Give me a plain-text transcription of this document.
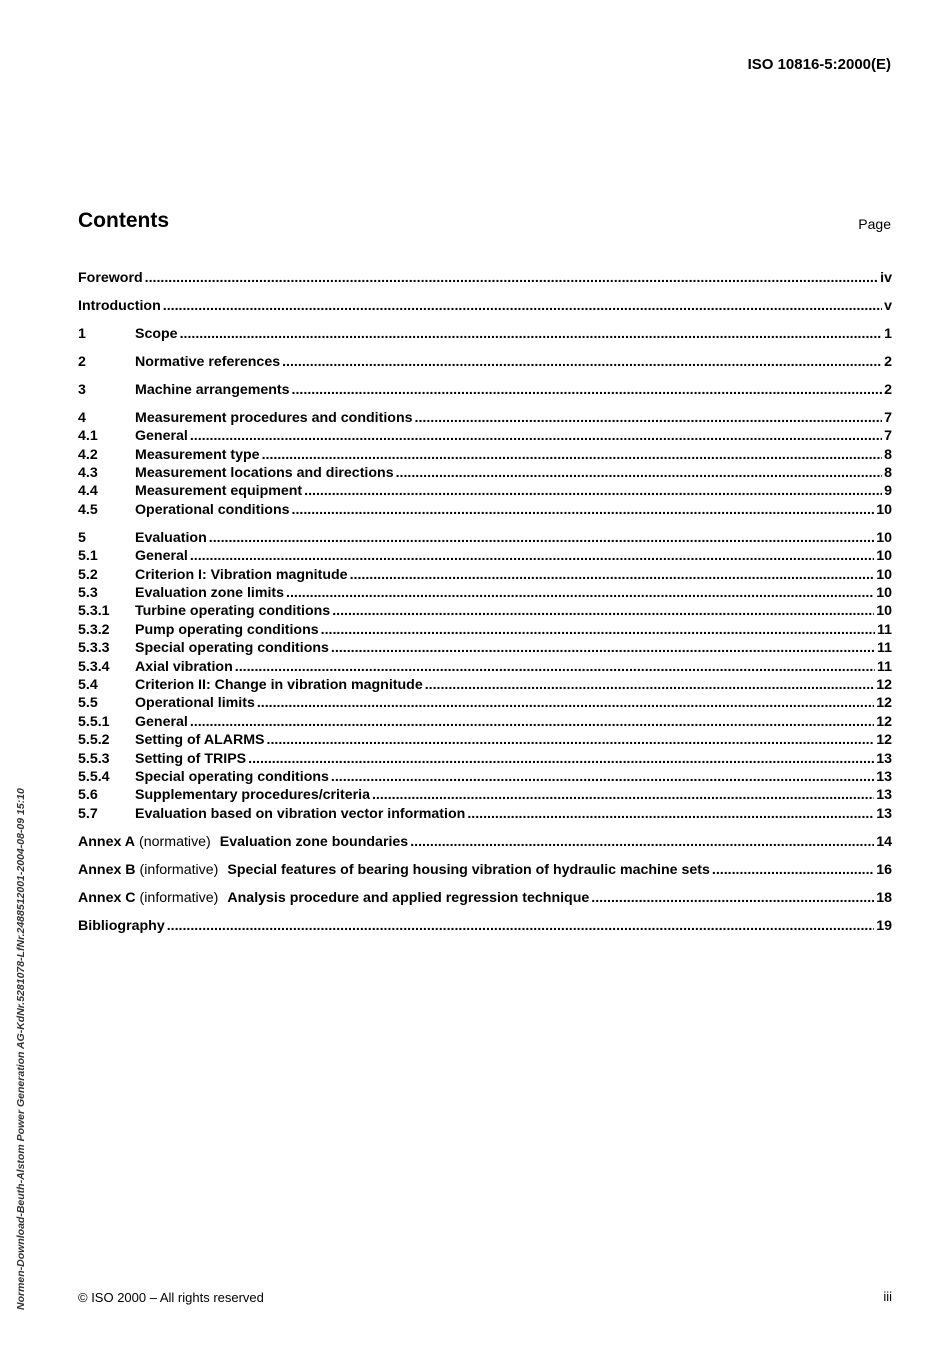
ISO 10816-5:2000(E)
Contents	Page
Foreword .....	iv
Introduction .....	v
1	Scope .....	1
2	Normative references .....	2
3	Machine arrangements .....	2
4	Measurement procedures and conditions .....	7
4.1	General .....	7
4.2	Measurement type .....	8
4.3	Measurement locations and directions .....	8
4.4	Measurement equipment .....	9
4.5	Operational conditions .....	10
5	Evaluation .....	10
5.1	General .....	10
5.2	Criterion I: Vibration magnitude .....	10
5.3	Evaluation zone limits .....	10
5.3.1	Turbine operating conditions .....	10
5.3.2	Pump operating conditions .....	11
5.3.3	Special operating conditions .....	11
5.3.4	Axial vibration .....	11
5.4	Criterion II: Change in vibration magnitude .....	12
5.5	Operational limits .....	12
5.5.1	General .....	12
5.5.2	Setting of ALARMS .....	12
5.5.3	Setting of TRIPS .....	13
5.5.4	Special operating conditions .....	13
5.6	Supplementary procedures/criteria .....	13
5.7	Evaluation based on vibration vector information .....	13
Annex A (normative) Evaluation zone boundaries .....	14
Annex B (informative) Special features of bearing housing vibration of hydraulic machine sets .....	16
Annex C (informative) Analysis procedure and applied regression technique .....	18
Bibliography .....	19
Normen-Download-Beuth-Alstom Power Generation AG-KdNr.5281078-LfNr.2488512001-2004-08-09 15:10	© ISO 2000 – All rights reserved	iii
